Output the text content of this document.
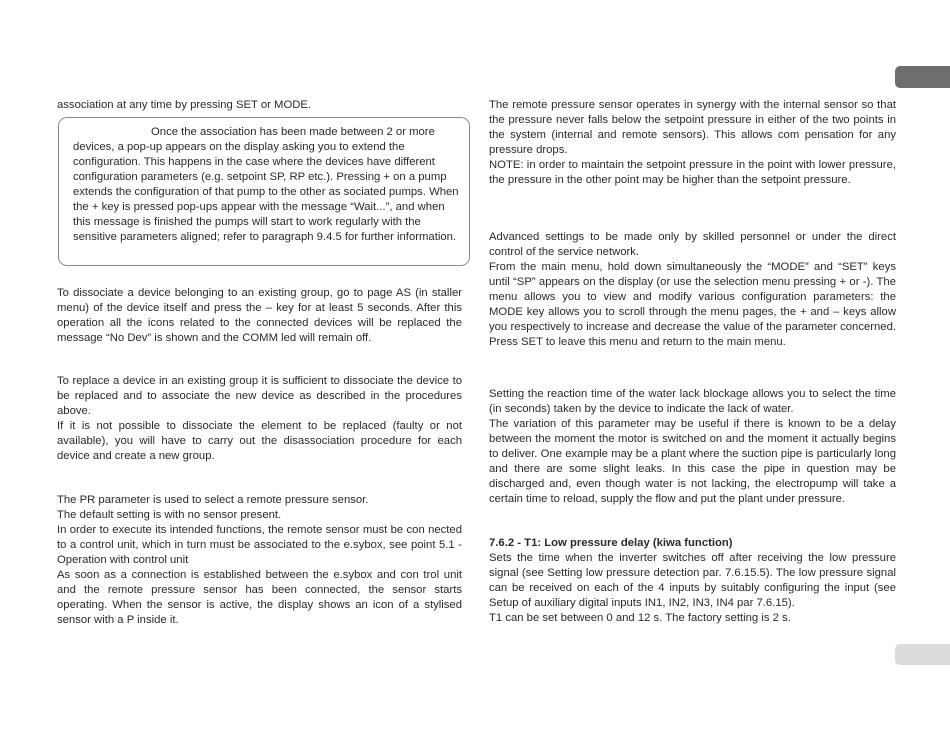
association at any time by pressing SET or MODE.

Once the association has been made between 2 or more devices, a pop-up appears on the display asking you to extend the configuration. This happens in the case where the devices have different configuration parameters (e.g. setpoint SP, RP etc.). Pressing + on a pump extends the configuration of that pump to the other as sociated pumps. When the + key is pressed pop-ups appear with the message “Wait...”, and when this message is finished the pumps will start to work regularly with the sensitive parameters aligned; refer to paragraph 9.4.5 for further information.

To dissociate a device belonging to an existing group, go to page AS (in staller menu) of the device itself and press the – key for at least 5 seconds. After this operation all the icons related to the connected devices will be replaced the message “No Dev” is shown and the COMM led will remain off.

To replace a device in an existing group it is sufficient to dissociate the device to be replaced and to associate the new device as described in the procedures above.

If it is not possible to dissociate the element to be replaced (faulty or not available), you will have to carry out the disassociation procedure for each device and create a new group.

The PR parameter is used to select a remote pressure sensor.

The default setting is with no sensor present.

In order to execute its intended functions, the remote sensor must be con nected to a control unit, which in turn must be associated to the e.sybox, see point 5.1 - Operation with control unit

As soon as a connection is established between the e.sybox and con trol unit and the remote pressure sensor has been connected, the sensor starts operating. When the sensor is active, the display shows an icon of a stylised sensor with a P inside it.

The remote pressure sensor operates in synergy with the internal sensor so that the pressure never falls below the setpoint pressure in either of the two points in the system (internal and remote sensors). This allows com pensation for any pressure drops.

NOTE: in order to maintain the setpoint pressure in the point with lower pressure, the pressure in the other point may be higher than the setpoint pressure.

Advanced settings to be made only by skilled personnel or under the direct control of the service network.

From the main menu, hold down simultaneously the “MODE” and “SET” keys until “SP” appears on the display (or use the selection menu pressing + or -). The menu allows you to view and modify various configuration parameters: the MODE key allows you to scroll through the menu pages, the + and – keys allow you respectively to increase and decrease the value of the parameter concerned. Press SET to leave this menu and return to the main menu.

Setting the reaction time of the water lack blockage allows you to select the time (in seconds) taken by the device to indicate the lack of water.

The variation of this parameter may be useful if there is known to be a delay between the moment the motor is switched on and the moment it actually begins to deliver. One example may be a plant where the suction pipe is particularly long and there are some slight leaks. In this case the pipe in question may be discharged and, even though water is not lacking, the electropump will take a certain time to reload, supply the flow and put the plant under pressure.

7.6.2 - T1: Low pressure delay (kiwa function)

Sets the time when the inverter switches off after receiving the low pressure signal (see Setting low pressure detection par. 7.6.15.5). The low pressure signal can be received on each of the 4 inputs by suitably configuring the input (see Setup of auxiliary digital inputs IN1, IN2, IN3, IN4 par 7.6.15).

T1 can be set between 0 and 12 s. The factory setting is 2 s.
